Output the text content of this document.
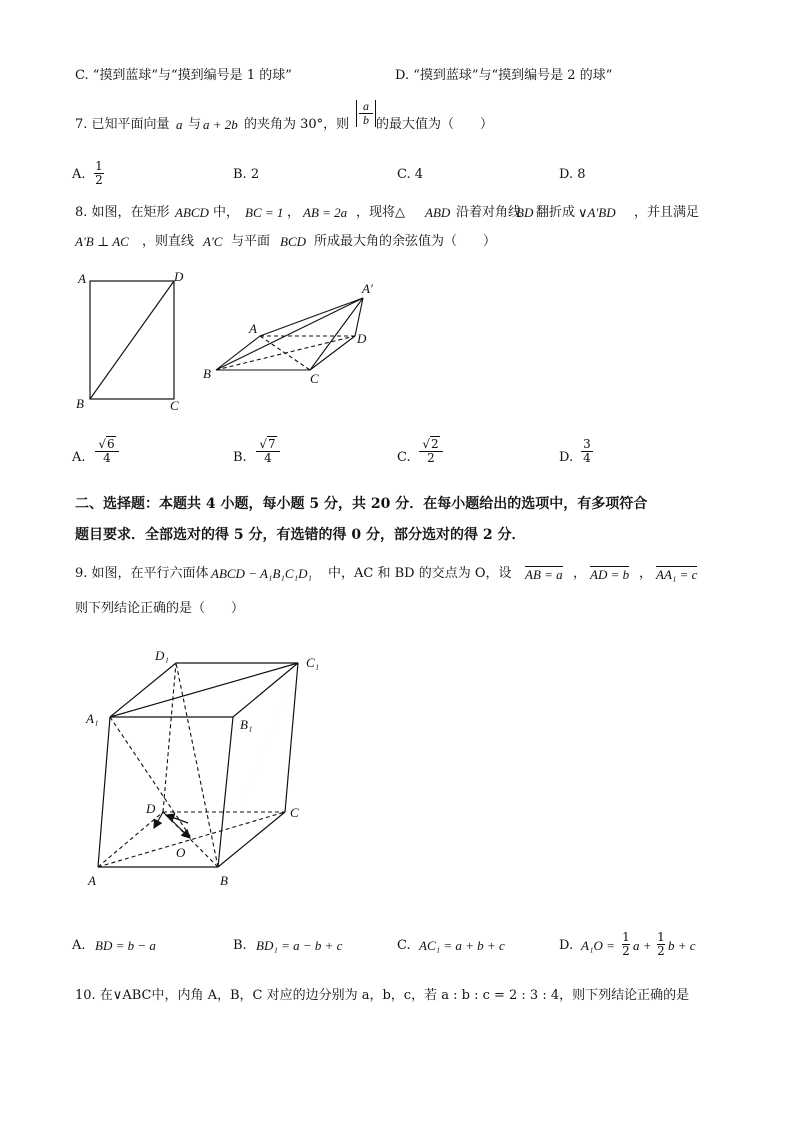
C. “摸到蓝球”与“摸到编号是 1 的球”	D. “摸到蓝球”与“摸到编号是 2 的球”
7. 已知平面向量 a 与 a + 2b 的夹角为 30°，则
a
b 的最大值为（　　）
A.
1
2	B. 2	C. 4	D. 8
8. 如图，在矩形 ABCD 中， BC = 1 ， AB = 2a ，现将△ ABD 沿着对角线
BD 翻折成 ∨A′BD ，并且满足
A′B ⊥ AC ，则直线 A′C 与平面 BCD 所成最大角的余弦值为（　　）
A	D
B	C
A′
A
D
B	C
A.
√6
4	B.
√7
4	C.
√2
2	D.
3
4
二、选择题：本题共 4 小题，每小题 5 分，共 20 分．在每小题给出的选项中，有多项符合
题目要求．全部选对的得 5 分，有选错的得 0 分，部分选对的得 2 分．
9. 如图，在平行六面体 ABCD − A₁B₁C₁D₁ 中，AC 和 BD 的交点为 O，设 AB = a ， AD = b ， AA₁ = c
则下列结论正确的是（　　）
D₁	C₁
A₁	B₁
D	C
O
A	B
A. BD = b − a	B. BD₁ = a − b + c	C. AC₁ = a + b + c	D. A₁O =
1
2 a +
1
2 b + c
10. 在∨ABC中，内角 A，B，C 对应的边分别为 a，b，c，若 a : b : c = 2 : 3 : 4，则下列结论正确的是
